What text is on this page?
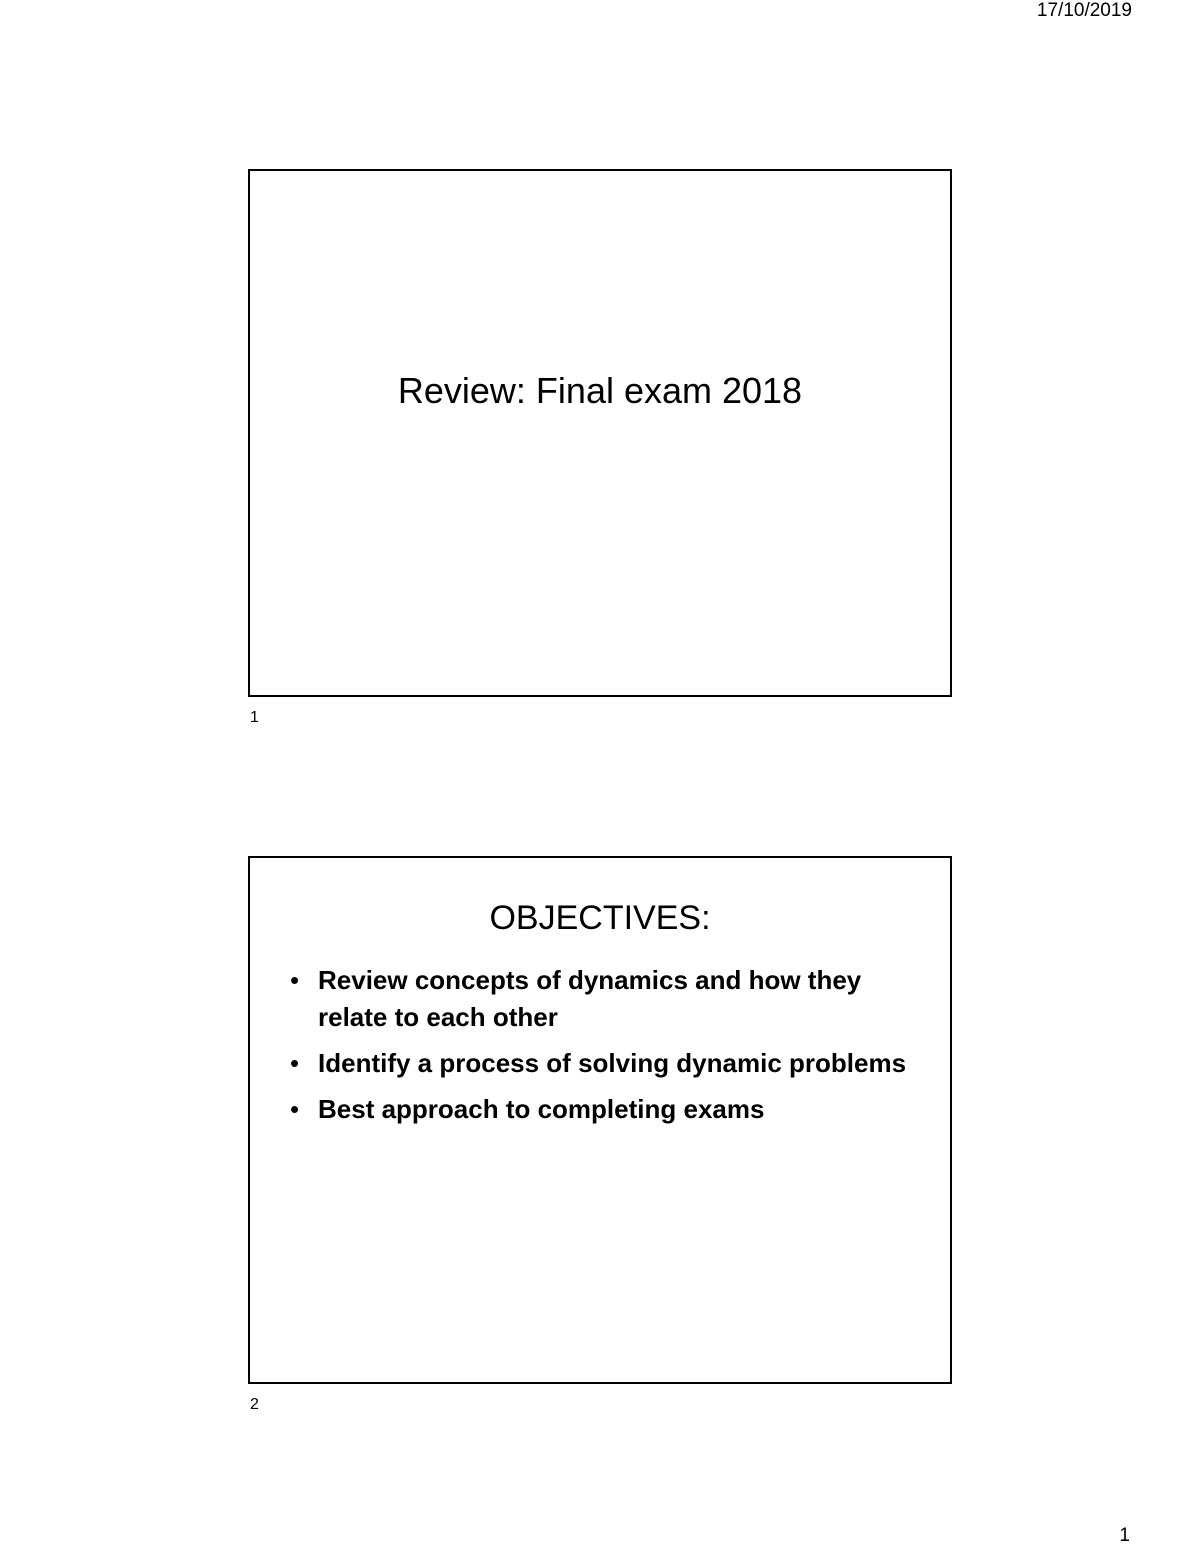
17/10/2019
Review: Final exam 2018
1
OBJECTIVES:
• Review concepts of dynamics and how they relate to each other
• Identify a process of solving dynamic problems
• Best approach to completing exams
2
1
